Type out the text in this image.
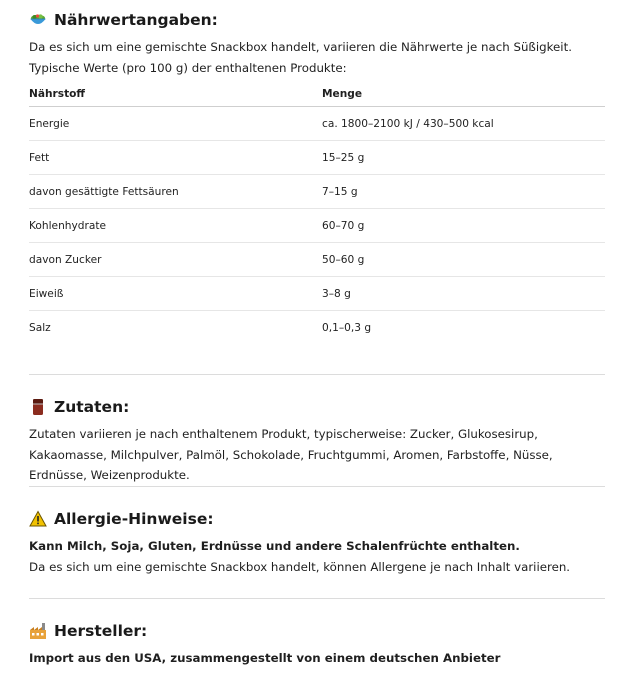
Nährwertangaben:
Da es sich um eine gemischte Snackbox handelt, variieren die Nährwerte je nach Süßigkeit. Typische Werte (pro 100 g) der enthaltenen Produkte:
Nährstoff	Menge
Energie	ca. 1800–2100 kJ / 430–500 kcal
Fett	15–25 g
davon gesättigte Fettsäuren	7–15 g
Kohlenhydrate	60–70 g
davon Zucker	50–60 g
Eiweiß	3–8 g
Salz	0,1–0,3 g
Zutaten:
Zutaten variieren je nach enthaltenem Produkt, typischerweise: Zucker, Glukosesirup, Kakaomasse, Milchpulver, Palmöl, Schokolade, Fruchtgummi, Aromen, Farbstoffe, Nüsse, Erdnüsse, Weizenprodukte.
Allergie-Hinweise:
Kann Milch, Soja, Gluten, Erdnüsse und andere Schalenfrüchte enthalten.
Da es sich um eine gemischte Snackbox handelt, können Allergene je nach Inhalt variieren.
Hersteller:
Import aus den USA, zusammengestellt von einem deutschen Anbieter
